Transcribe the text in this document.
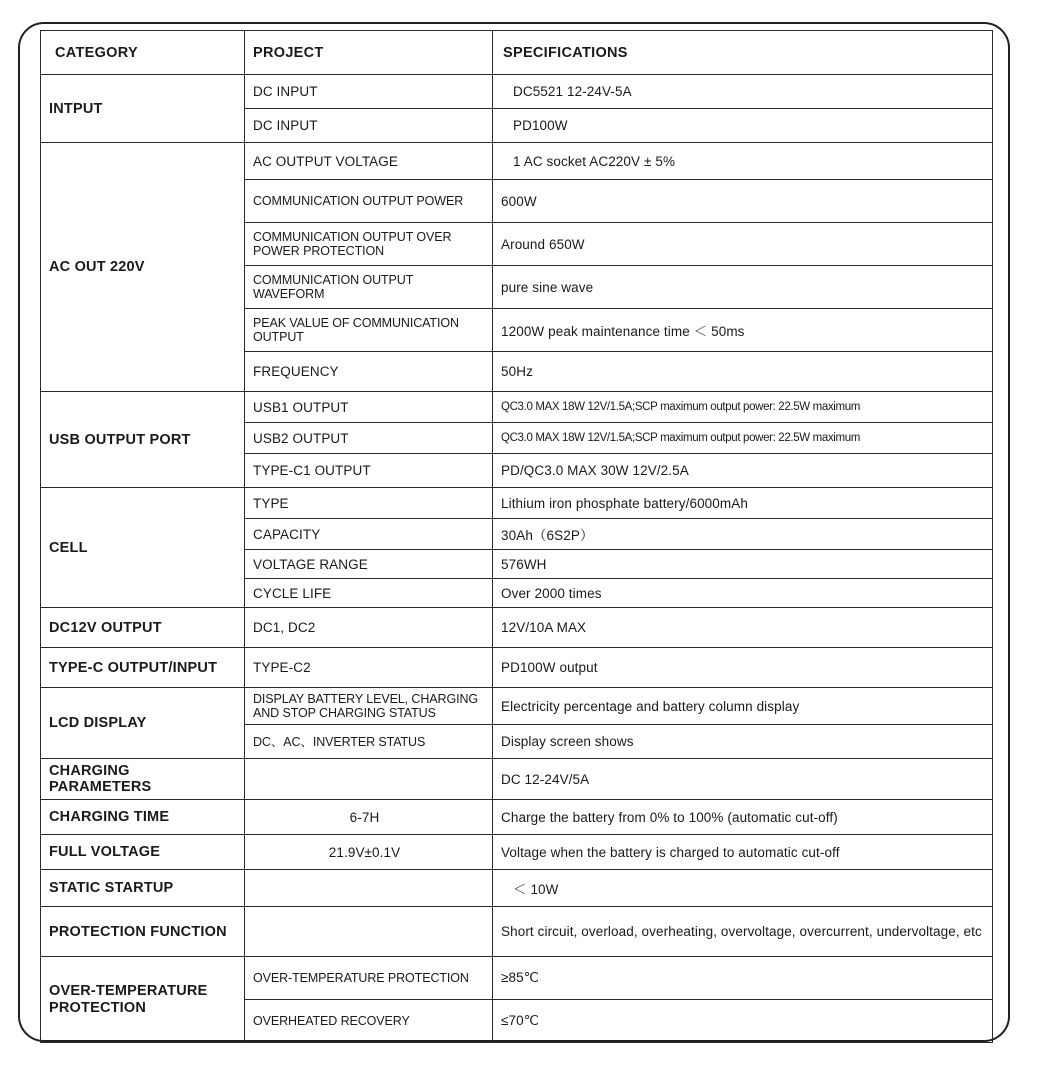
CATEGORY	PROJECT	SPECIFICATIONS
INTPUT	DC INPUT	DC5521 12-24V-5A
	DC INPUT	PD100W
AC OUT 220V	AC OUTPUT VOLTAGE	1 AC socket AC220V ± 5%
	COMMUNICATION OUTPUT POWER	600W
	COMMUNICATION OUTPUT OVER POWER PROTECTION	Around 650W
	COMMUNICATION OUTPUT WAVEFORM	pure sine wave
	PEAK VALUE OF COMMUNICATION OUTPUT	1200W peak maintenance time ＜ 50ms
	FREQUENCY	50Hz
USB OUTPUT PORT	USB1 OUTPUT	QC3.0 MAX 18W 12V/1.5A;SCP maximum output power: 22.5W maximum
	USB2 OUTPUT	QC3.0 MAX 18W 12V/1.5A;SCP maximum output power: 22.5W maximum
	TYPE-C1 OUTPUT	PD/QC3.0 MAX 30W 12V/2.5A
CELL	TYPE	Lithium iron phosphate battery/6000mAh
	CAPACITY	30Ah（6S2P）
	VOLTAGE RANGE	576WH
	CYCLE LIFE	Over 2000 times
DC12V OUTPUT	DC1, DC2	12V/10A MAX
TYPE-C OUTPUT/INPUT	TYPE-C2	PD100W output
LCD DISPLAY	DISPLAY BATTERY LEVEL, CHARGING AND STOP CHARGING STATUS	Electricity percentage and battery column display
	DC、AC、INVERTER STATUS	Display screen shows
CHARGING PARAMETERS		DC 12-24V/5A
CHARGING TIME	6-7H	Charge the battery from 0% to 100% (automatic cut-off)
FULL VOLTAGE	21.9V±0.1V	Voltage when the battery is charged to automatic cut-off
STATIC STARTUP		＜ 10W
PROTECTION FUNCTION		Short circuit, overload, overheating, overvoltage, overcurrent, undervoltage, etc
OVER-TEMPERATURE PROTECTION	OVER-TEMPERATURE PROTECTION	≥85℃
	OVERHEATED RECOVERY	≤70℃
